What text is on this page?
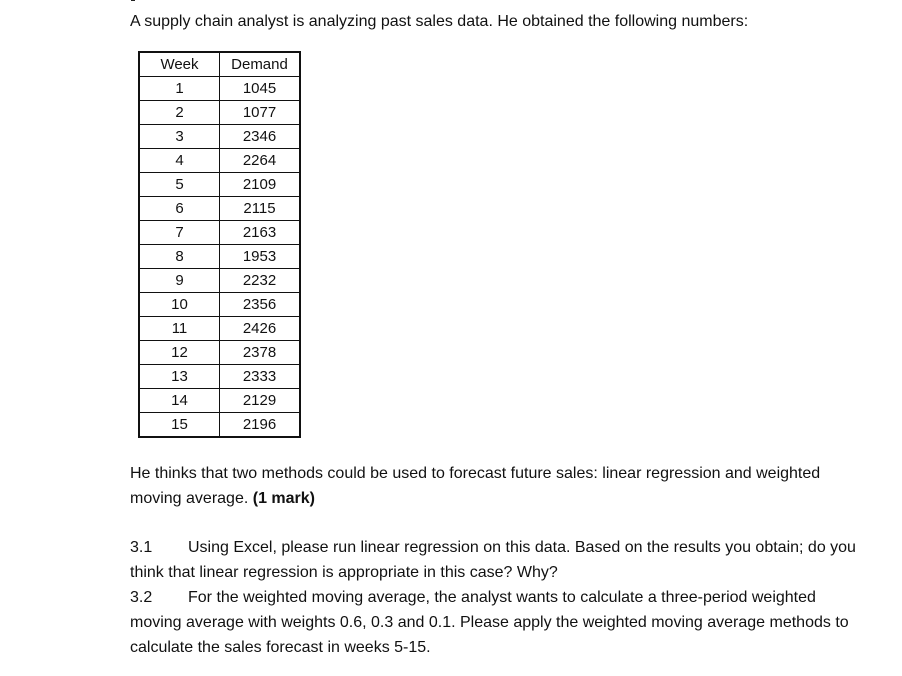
A supply chain analyst is analyzing past sales data. He obtained the following numbers:

Week	Demand
1	1045
2	1077
3	2346
4	2264
5	2109
6	2115
7	2163
8	1953
9	2232
10	2356
11	2426
12	2378
13	2333
14	2129
15	2196

He thinks that two methods could be used to forecast future sales: linear regression and weighted moving average. (1 mark)

3.1 Using Excel, please run linear regression on this data. Based on the results you obtain; do you think that linear regression is appropriate in this case? Why?
3.2 For the weighted moving average, the analyst wants to calculate a three-period weighted moving average with weights 0.6, 0.3 and 0.1. Please apply the weighted moving average methods to calculate the sales forecast in weeks 5-15.
